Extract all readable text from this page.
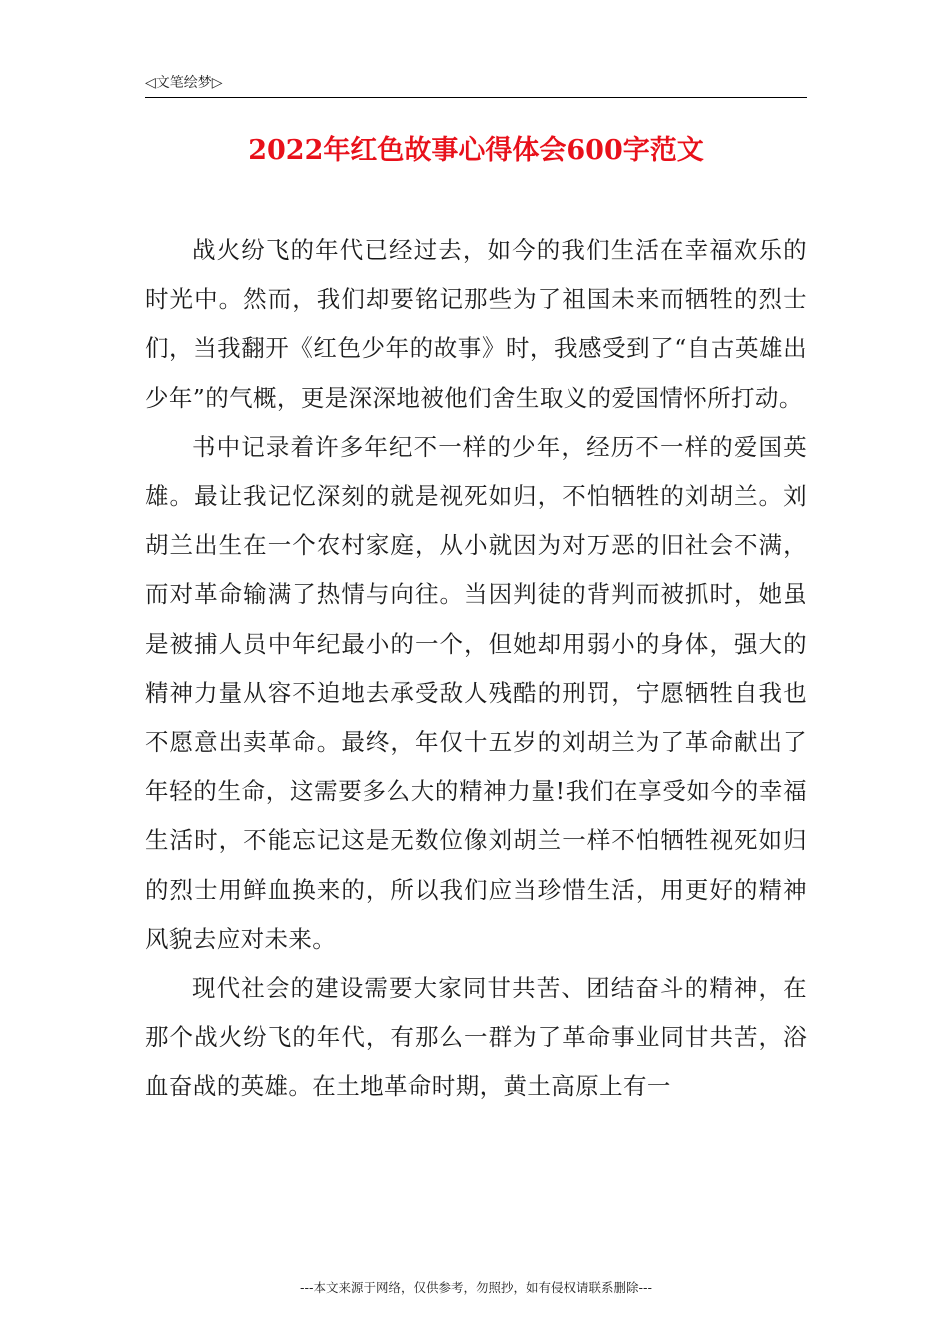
◁文笔绘梦▷
2022年红色故事心得体会600字范文

战火纷飞的年代已经过去，如今的我们生活在幸福欢乐的时光中。然而，我们却要铭记那些为了祖国未来而牺牲的烈士们，当我翻开《红色少年的故事》时，我感受到了“自古英雄出少年”的气概，更是深深地被他们舍生取义的爱国情怀所打动。

书中记录着许多年纪不一样的少年，经历不一样的爱国英雄。最让我记忆深刻的就是视死如归，不怕牺牲的刘胡兰。刘胡兰出生在一个农村家庭，从小就因为对万恶的旧社会不满，而对革命输满了热情与向往。当因判徒的背判而被抓时，她虽是被捕人员中年纪最小的一个，但她却用弱小的身体，强大的精神力量从容不迫地去承受敌人残酷的刑罚，宁愿牺牲自我也不愿意出卖革命。最终，年仅十五岁的刘胡兰为了革命献出了年轻的生命，这需要多么大的精神力量!我们在享受如今的幸福生活时，不能忘记这是无数位像刘胡兰一样不怕牺牲视死如归的烈士用鲜血换来的，所以我们应当珍惜生活，用更好的精神风貌去应对未来。

现代社会的建设需要大家同甘共苦、团结奋斗的精神，在那个战火纷飞的年代，有那么一群为了革命事业同甘共苦，浴血奋战的英雄。在土地革命时期，黄土高原上有一

---本文来源于网络，仅供参考，勿照抄，如有侵权请联系删除---
